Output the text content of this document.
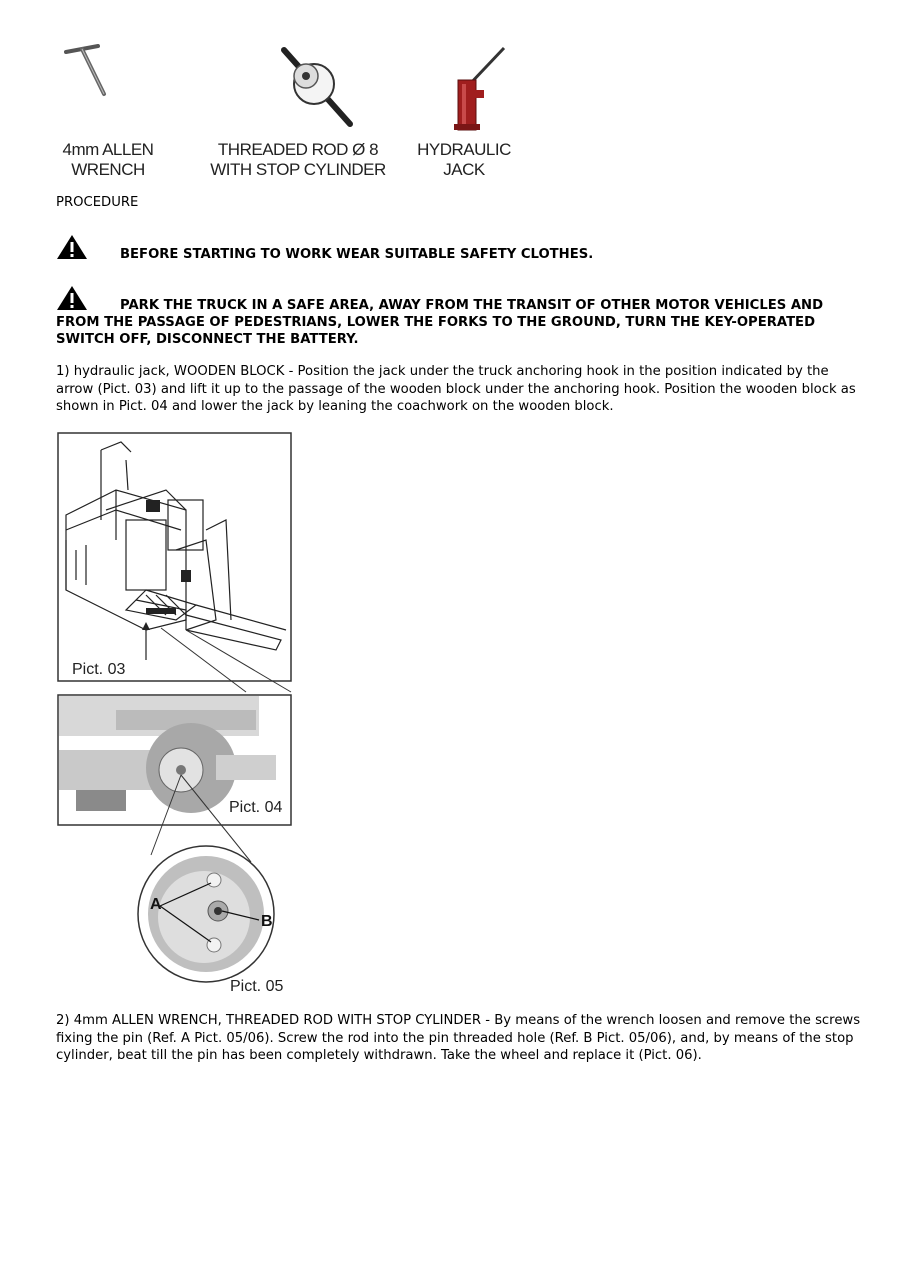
4mm ALLEN
WRENCH
THREADED ROD Ø 8
WITH STOP CYLINDER
HYDRAULIC
JACK
PROCEDURE
BEFORE STARTING TO WORK WEAR SUITABLE SAFETY CLOTHES.
PARK THE TRUCK IN A SAFE AREA, AWAY FROM THE TRANSIT OF OTHER MOTOR VEHICLES AND FROM THE PASSAGE OF PEDESTRIANS, LOWER THE FORKS TO THE GROUND, TURN THE KEY-OPERATED SWITCH OFF, DISCONNECT THE BATTERY.
1) hydraulic jack, WOODEN BLOCK - Position the jack under the truck anchoring hook in the position indicated by the arrow (Pict. 03) and lift it up to the passage of the wooden block under the anchoring hook. Position the wooden block as shown in Pict. 04 and lower the jack by leaning the coachwork on the wooden block.
Pict. 03
Pict. 04
Pict. 05
A
B
2) 4mm ALLEN WRENCH, THREADED ROD WITH STOP CYLINDER - By means of the wrench loosen and remove the screws fixing the pin (Ref. A Pict. 05/06). Screw the rod into the pin threaded hole (Ref. B Pict. 05/06), and, by means of the stop cylinder, beat till the pin has been completely withdrawn. Take the wheel and replace it (Pict. 06).
